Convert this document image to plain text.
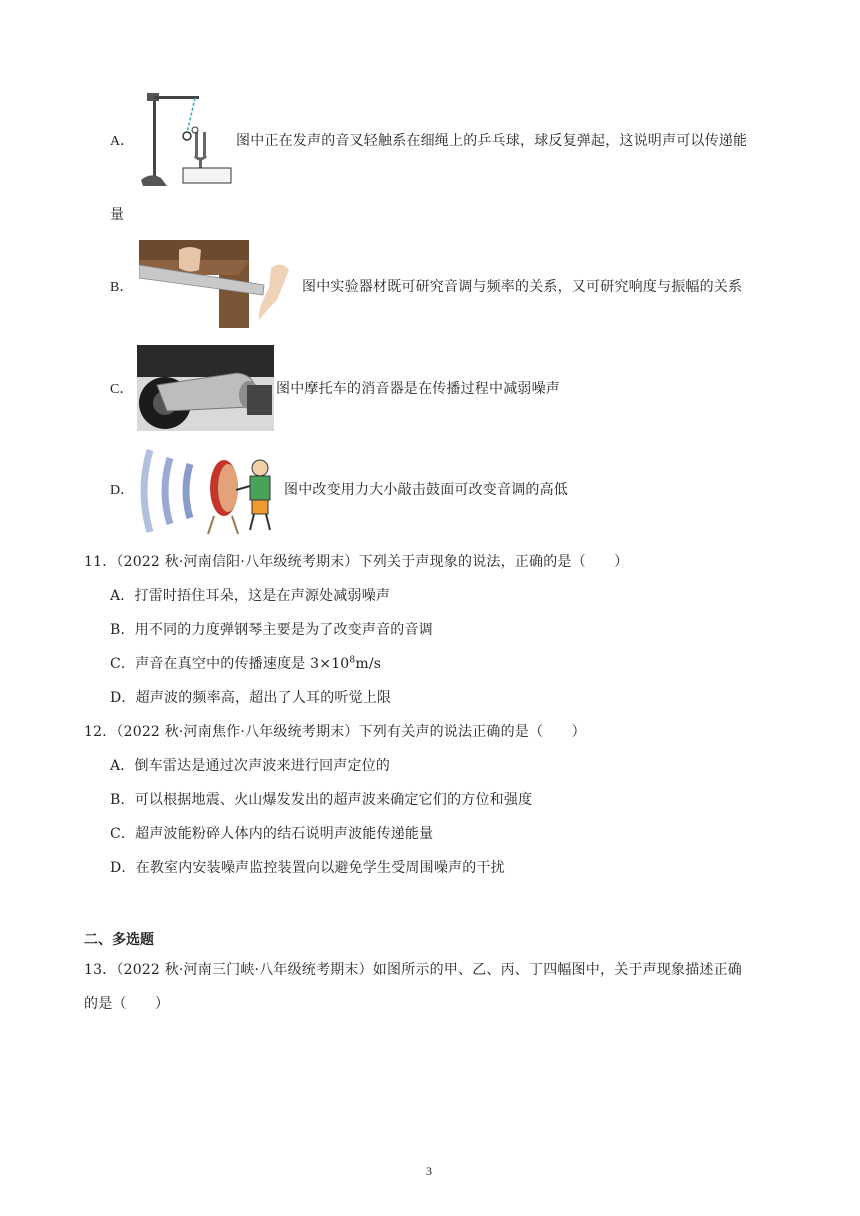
A．	图中正在发声的音叉轻触系在细绳上的乒乓球，球反复弹起，这说明声可以传递能
量
B．	图中实验器材既可研究音调与频率的关系，又可研究响度与振幅的关系
C．	图中摩托车的消音器是在传播过程中减弱噪声
D．	图中改变用力大小敲击鼓面可改变音调的高低
11．（2022 秋·河南信阳·八年级统考期末）下列关于声现象的说法，正确的是（　　）
A．打雷时捂住耳朵，这是在声源处减弱噪声
B．用不同的力度弹钢琴主要是为了改变声音的音调
C．声音在真空中的传播速度是 $3\times 10^8m/s$
D．超声波的频率高，超出了人耳的听觉上限
12．（2022 秋·河南焦作·八年级统考期末）下列有关声的说法正确的是（　　）
A．倒车雷达是通过次声波来进行回声定位的
B．可以根据地震、火山爆发发出的超声波来确定它们的方位和强度
C．超声波能粉碎人体内的结石说明声波能传递能量
D．在教室内安装噪声监控装置向以避免学生受周围噪声的干扰
二、多选题
13．（2022 秋·河南三门峡·八年级统考期末）如图所示的甲、乙、丙、丁四幅图中，关于声现象描述正确
的是（　　）
3
